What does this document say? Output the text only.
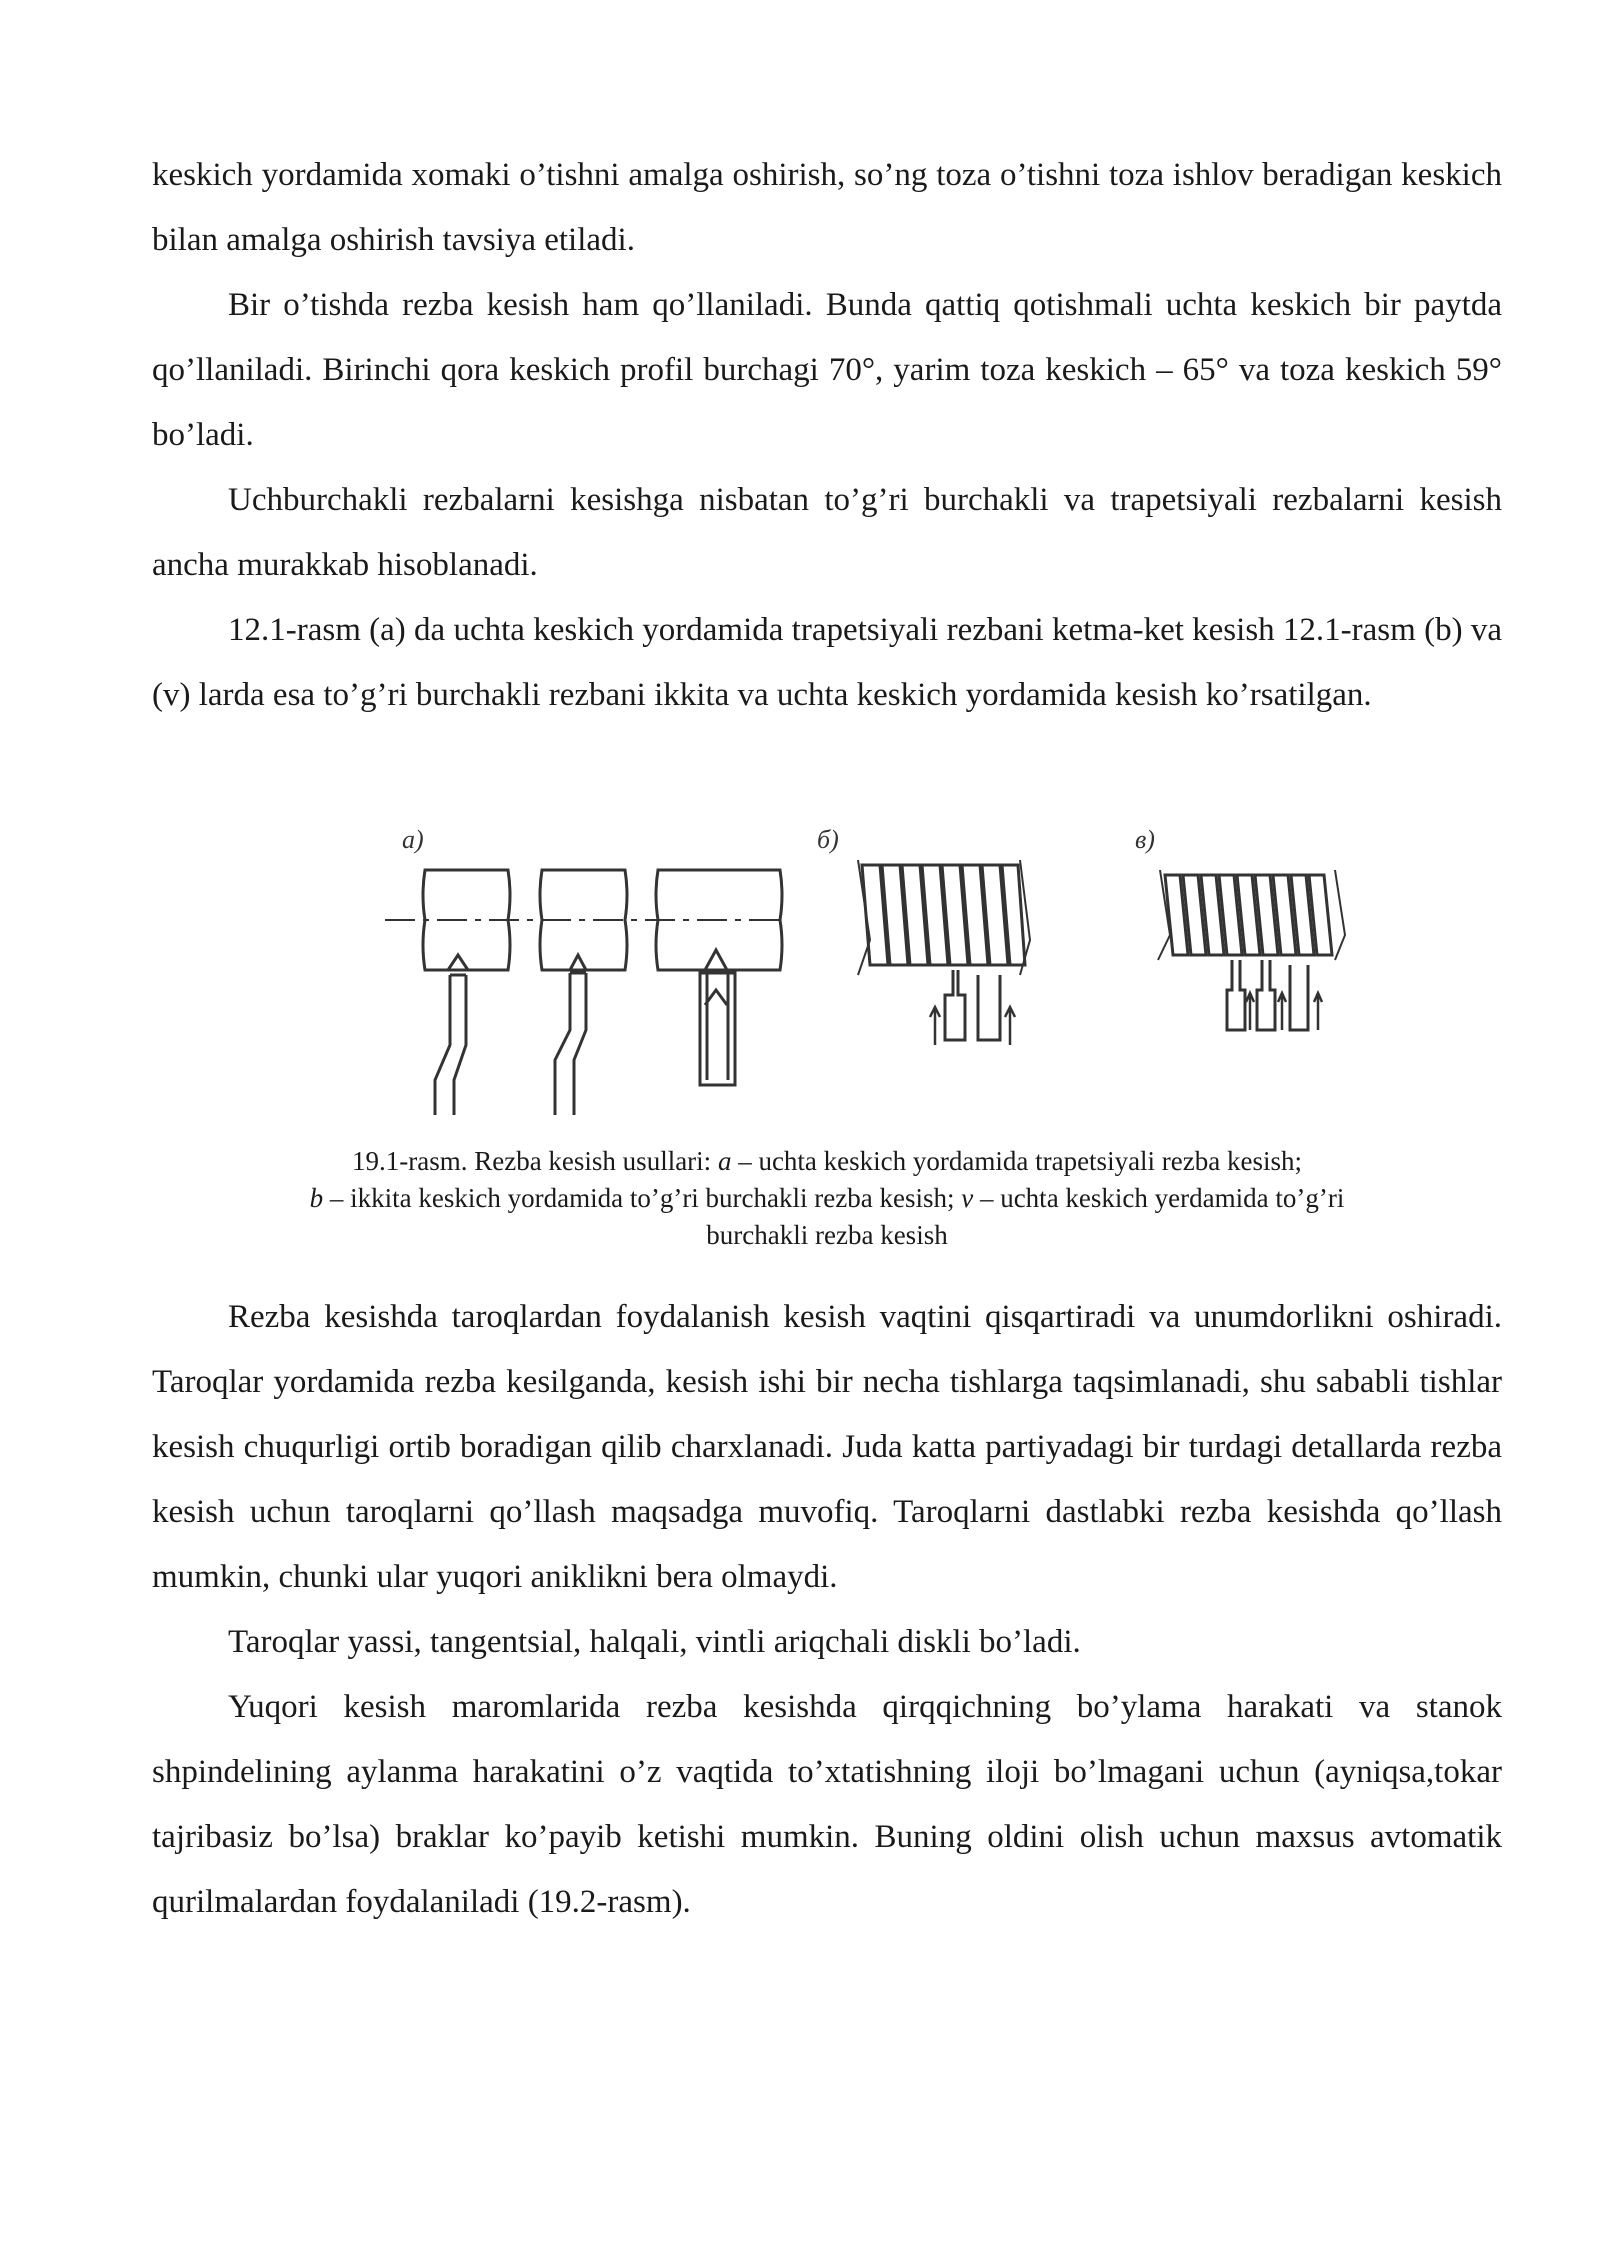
keskich yordamida xomaki o’tishni amalga oshirish, so’ng toza o’tishni toza ishlov beradigan keskich bilan amalga oshirish tavsiya etiladi.

Bir o’tishda rezba kesish ham qo’llaniladi. Bunda qattiq qotishmali uchta keskich bir paytda qo’llaniladi. Birinchi qora keskich profil burchagi 70°, yarim toza keskich – 65° va toza keskich 59° bo’ladi.

Uchburchakli rezbalarni kesishga nisbatan to’g’ri burchakli va trapetsiyali rezbalarni kesish ancha murakkab hisoblanadi.

12.1-rasm (a) da uchta keskich yordamida trapetsiyali rezbani ketma-ket kesish 12.1-rasm (b) va (v) larda esa to’g’ri burchakli rezbani ikkita va uchta keskich yordamida kesish ko’rsatilgan.

а)	б)	в)

19.1-rasm. Rezba kesish usullari: a – uchta keskich yordamida trapetsiyali rezba kesish;

b – ikkita keskich yordamida to’g’ri burchakli rezba kesish; v – uchta keskich yerdamida to’g’ri

burchakli rezba kesish

Rezba kesishda taroqlardan foydalanish kesish vaqtini qisqartiradi va unumdorlikni oshiradi. Taroqlar yordamida rezba kesilganda, kesish ishi bir necha tishlarga taqsimlanadi, shu sababli tishlar kesish chuqurligi ortib boradigan qilib charxlanadi. Juda katta partiyadagi bir turdagi detallarda rezba kesish uchun taroqlarni qo’llash maqsadga muvofiq. Taroqlarni dastlabki rezba kesishda qo’llash mumkin, chunki ular yuqori aniklikni bera olmaydi.

Taroqlar yassi, tangentsial, halqali, vintli ariqchali diskli bo’ladi.

Yuqori kesish maromlarida rezba kesishda qirqqichning bo’ylama harakati va stanok shpindelining aylanma harakatini o’z vaqtida to’xtatishning iloji bo’lmagani uchun (ayniqsa,tokar tajribasiz bo’lsa) braklar ko’payib ketishi mumkin. Buning oldini olish uchun maxsus avtomatik qurilmalardan foydalaniladi (19.2-rasm).
